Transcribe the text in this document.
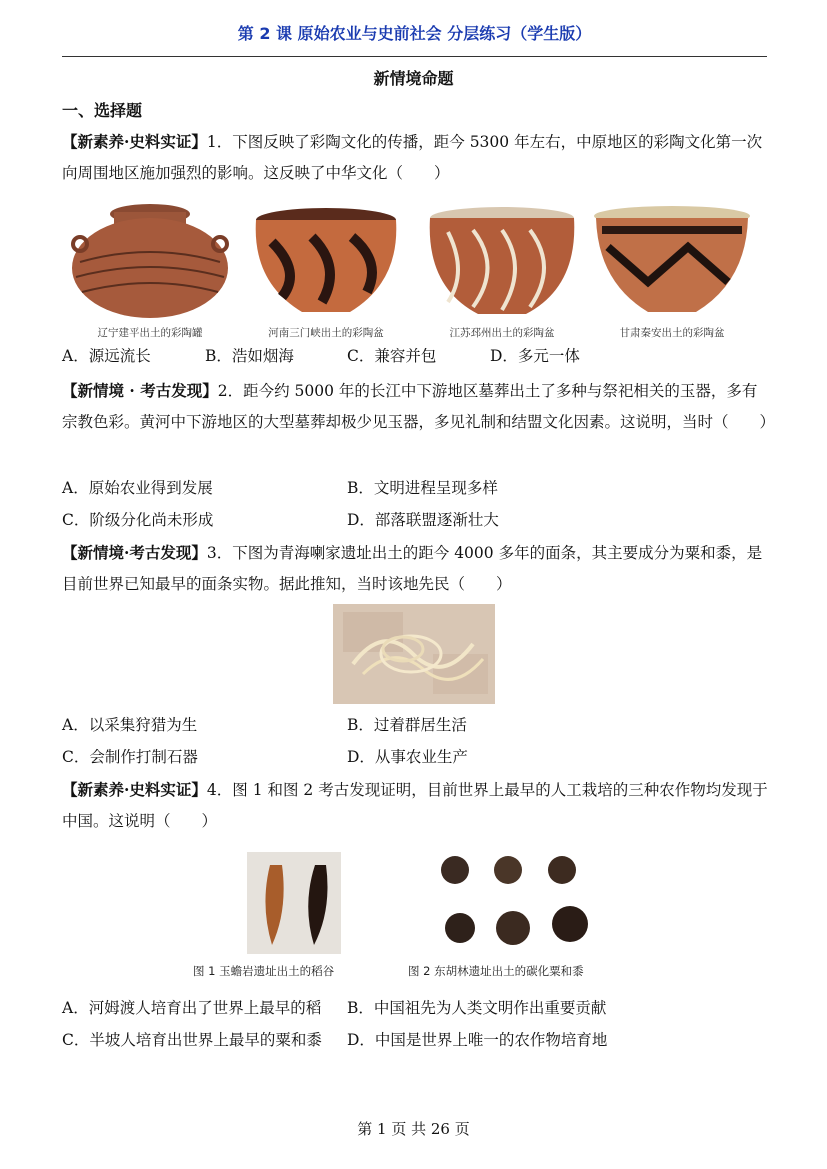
第 2 课 原始农业与史前社会 分层练习（学生版）
新情境命题
一、选择题
【新素养·史料实证】1．下图反映了彩陶文化的传播，距今 5300 年左右，中原地区的彩陶文化第一次向周围地区施加强烈的影响。这反映了中华文化（　　）
辽宁建平出土的彩陶罐	河南三门峡出土的彩陶盆	江苏邳州出土的彩陶盆	甘肃秦安出土的彩陶盆
A．源远流长	B．浩如烟海	C．兼容并包	D．多元一体
【新情境 · 考古发现】2．距今约 5000 年的长江中下游地区墓葬出土了多种与祭祀相关的玉器，多有宗教色彩。黄河中下游地区的大型墓葬却极少见玉器，多见礼制和结盟文化因素。这说明，当时（　　）
A．原始农业得到发展	B．文明进程呈现多样
C．阶级分化尚未形成	D．部落联盟逐渐壮大
【新情境·考古发现】3．下图为青海喇家遗址出土的距今 4000 多年的面条，其主要成分为粟和黍，是目前世界已知最早的面条实物。据此推知，当时该地先民（　　）
A．以采集狩猎为生	B．过着群居生活
C．会制作打制石器	D．从事农业生产
【新素养·史料实证】4．图 1 和图 2 考古发现证明，目前世界上最早的人工栽培的三种农作物均发现于中国。这说明（　　）
图 1 玉蟾岩遗址出土的稻谷	图 2 东胡林遗址出土的碳化粟和黍
A．河姆渡人培育出了世界上最早的稻	B．中国祖先为人类文明作出重要贡献
C．半坡人培育出世界上最早的粟和黍	D．中国是世界上唯一的农作物培育地
第 1 页 共 26 页
